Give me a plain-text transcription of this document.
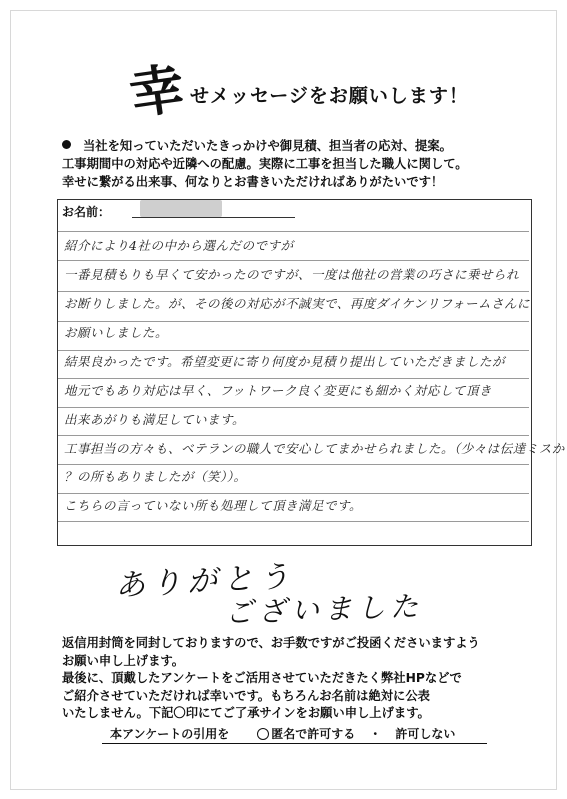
幸 せメッセージをお願いします！
当社を知っていただいたきっかけや御見積、担当者の応対、提案。
工事期間中の対応や近隣への配慮。実際に工事を担当した職人に関して。
幸せに繋がる出来事、何なりとお書きいただければありがたいです！
お名前：
紹介により4社の中から選んだのですが
一番見積もりも早くて安かったのですが、一度は他社の営業の巧さに乗せられ
お断りしました。が、その後の対応が不誠実で、再度ダイケンリフォームさんに
お願いしました。
結果良かったです。希望変更に寄り何度か見積り提出していただきましたが
地元でもあり対応は早く、フットワーク良く変更にも細かく対応して頂き
出来あがりも満足しています。
工事担当の方々も、ベテランの職人で安心してまかせられました。（少々は伝達ミスか
？の所もありましたが（笑））。
こちらの言っていない所も処理して頂き満足です。
ありがとう
ございました
返信用封筒を同封しておりますので、お手数ですがご投函くださいますよう
お願い申し上げます。
最後に、頂戴したアンケートをご活用させていただきたく弊社HPなどで
ご紹介させていただければ幸いです。もちろんお名前は絶対に公表
いたしません。下記〇印にてご了承サインをお願い申し上げます。
本アンケートの引用を	匿名で許可する ・ 許可しない
